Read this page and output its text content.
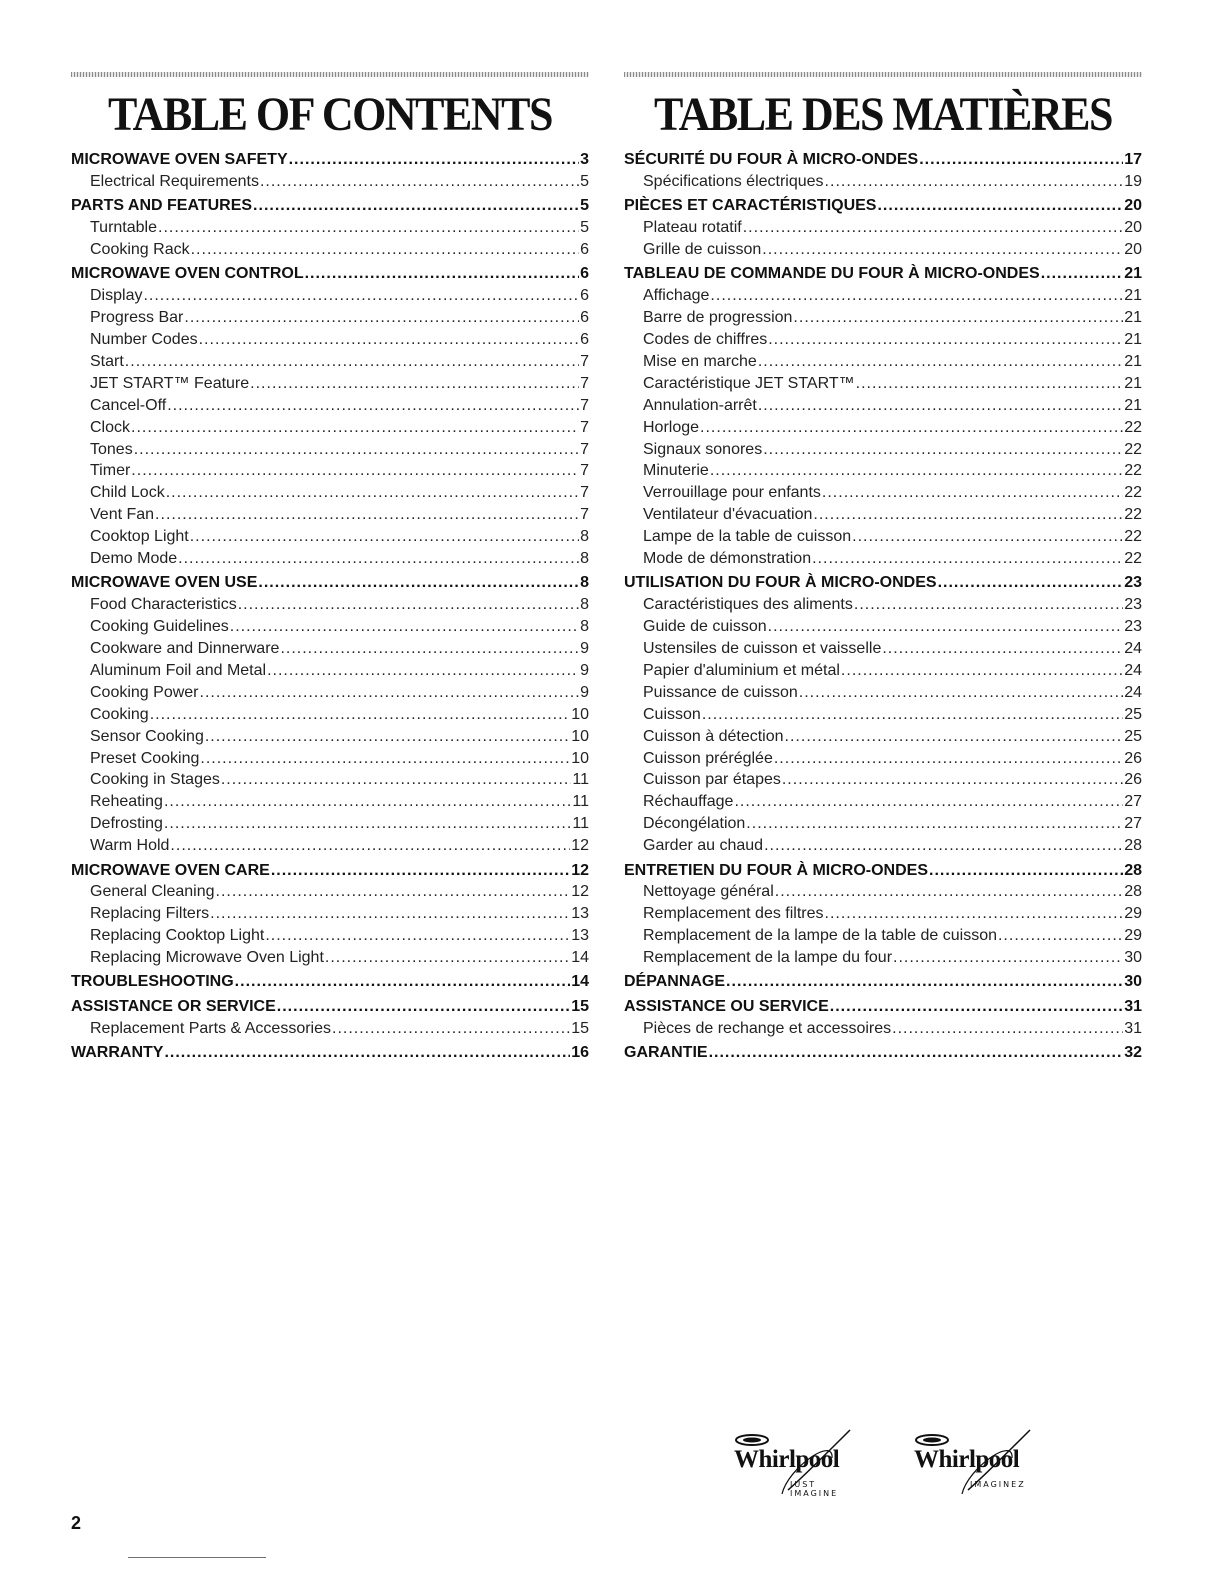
TABLE OF CONTENTS
MICROWAVE OVEN SAFETY .....	3
Electrical Requirements .....	5
PARTS AND FEATURES .....	5
Turntable .....	5
Cooking Rack .....	6
MICROWAVE OVEN CONTROL .....	6
Display .....	6
Progress Bar .....	6
Number Codes .....	6
Start .....	7
JET START™ Feature .....	7
Cancel-Off .....	7
Clock .....	7
Tones .....	7
Timer .....	7
Child Lock .....	7
Vent Fan .....	7
Cooktop Light .....	8
Demo Mode .....	8
MICROWAVE OVEN USE .....	8
Food Characteristics .....	8
Cooking Guidelines .....	8
Cookware and Dinnerware .....	9
Aluminum Foil and Metal .....	9
Cooking Power .....	9
Cooking .....	10
Sensor Cooking .....	10
Preset Cooking .....	10
Cooking in Stages .....	11
Reheating .....	11
Defrosting .....	11
Warm Hold .....	12
MICROWAVE OVEN CARE .....	12
General Cleaning .....	12
Replacing Filters .....	13
Replacing Cooktop Light .....	13
Replacing Microwave Oven Light .....	14
TROUBLESHOOTING .....	14
ASSISTANCE OR SERVICE .....	15
Replacement Parts & Accessories .....	15
WARRANTY .....	16
TABLE DES MATIÈRES
SÉCURITÉ DU FOUR À MICRO-ONDES .....	17
Spécifications électriques .....	19
PIÈCES ET CARACTÉRISTIQUES .....	20
Plateau rotatif .....	20
Grille de cuisson .....	20
TABLEAU DE COMMANDE DU FOUR À MICRO-ONDES .....	21
Affichage .....	21
Barre de progression .....	21
Codes de chiffres .....	21
Mise en marche .....	21
Caractéristique JET START™ .....	21
Annulation-arrêt .....	21
Horloge .....	22
Signaux sonores .....	22
Minuterie .....	22
Verrouillage pour enfants .....	22
Ventilateur d'évacuation .....	22
Lampe de la table de cuisson .....	22
Mode de démonstration .....	22
UTILISATION DU FOUR À MICRO-ONDES .....	23
Caractéristiques des aliments .....	23
Guide de cuisson .....	23
Ustensiles de cuisson et vaisselle .....	24
Papier d'aluminium et métal .....	24
Puissance de cuisson .....	24
Cuisson .....	25
Cuisson à détection .....	25
Cuisson préréglée .....	26
Cuisson par étapes .....	26
Réchauffage .....	27
Décongélation .....	27
Garder au chaud .....	28
ENTRETIEN DU FOUR À MICRO-ONDES .....	28
Nettoyage général .....	28
Remplacement des filtres .....	29
Remplacement de la lampe de la table de cuisson .....	29
Remplacement de la lampe du four .....	30
DÉPANNAGE .....	30
ASSISTANCE OU SERVICE .....	31
Pièces de rechange et accessoires .....	31
GARANTIE .....	32
Whirlpool
JUST IMAGINE
Whirlpool
IMAGINEZ
2
